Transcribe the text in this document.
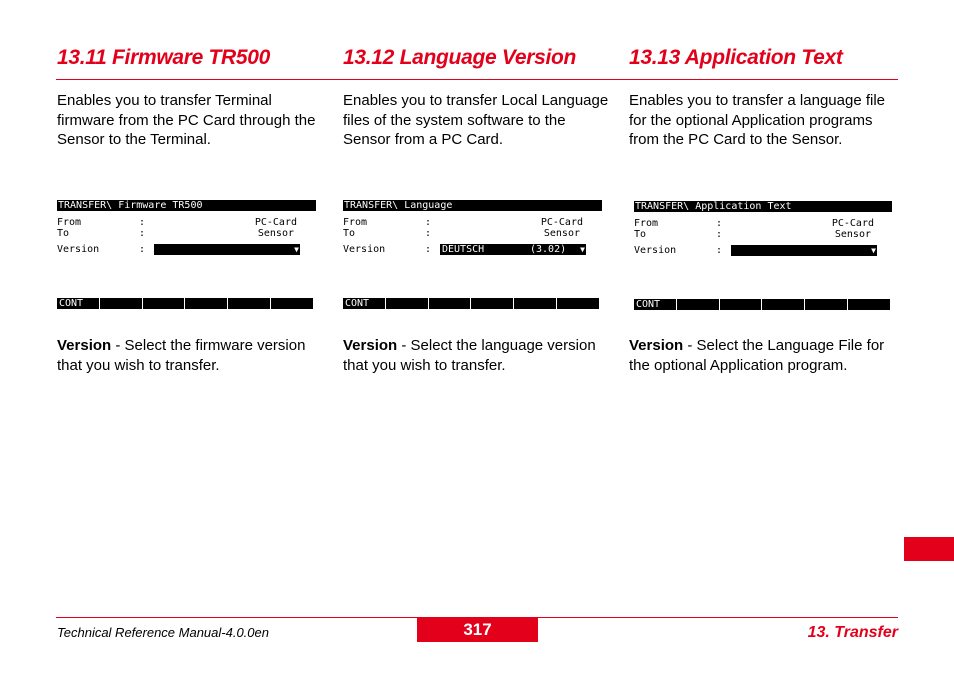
13.11 Firmware TR500	13.12 Language Version	13.13 Application Text

Enables you to transfer Terminal firmware from the PC Card through the Sensor to the Terminal.

Enables you to transfer Local Language files of the system software to the Sensor from a PC Card.

Enables you to transfer a language file for the optional Application programs from the PC Card to the Sensor.

TRANSFER\ Firmware TR500
From	:	PC-Card
To	:	Sensor
Version	:	▼
CONT
TRANSFER\ Language
From	:	PC-Card
To	:	Sensor
Version	: DEUTSCH	(3.02) ▼
CONT
TRANSFER\ Application Text
From	:	PC-Card
To	:	Sensor
Version	:	▼
CONT

Version - Select the firmware version that you wish to transfer.

Version - Select the language version that you wish to transfer.

Version - Select the Language File for the optional Application program.

Technical Reference Manual-4.0.0en	317	13. Transfer
